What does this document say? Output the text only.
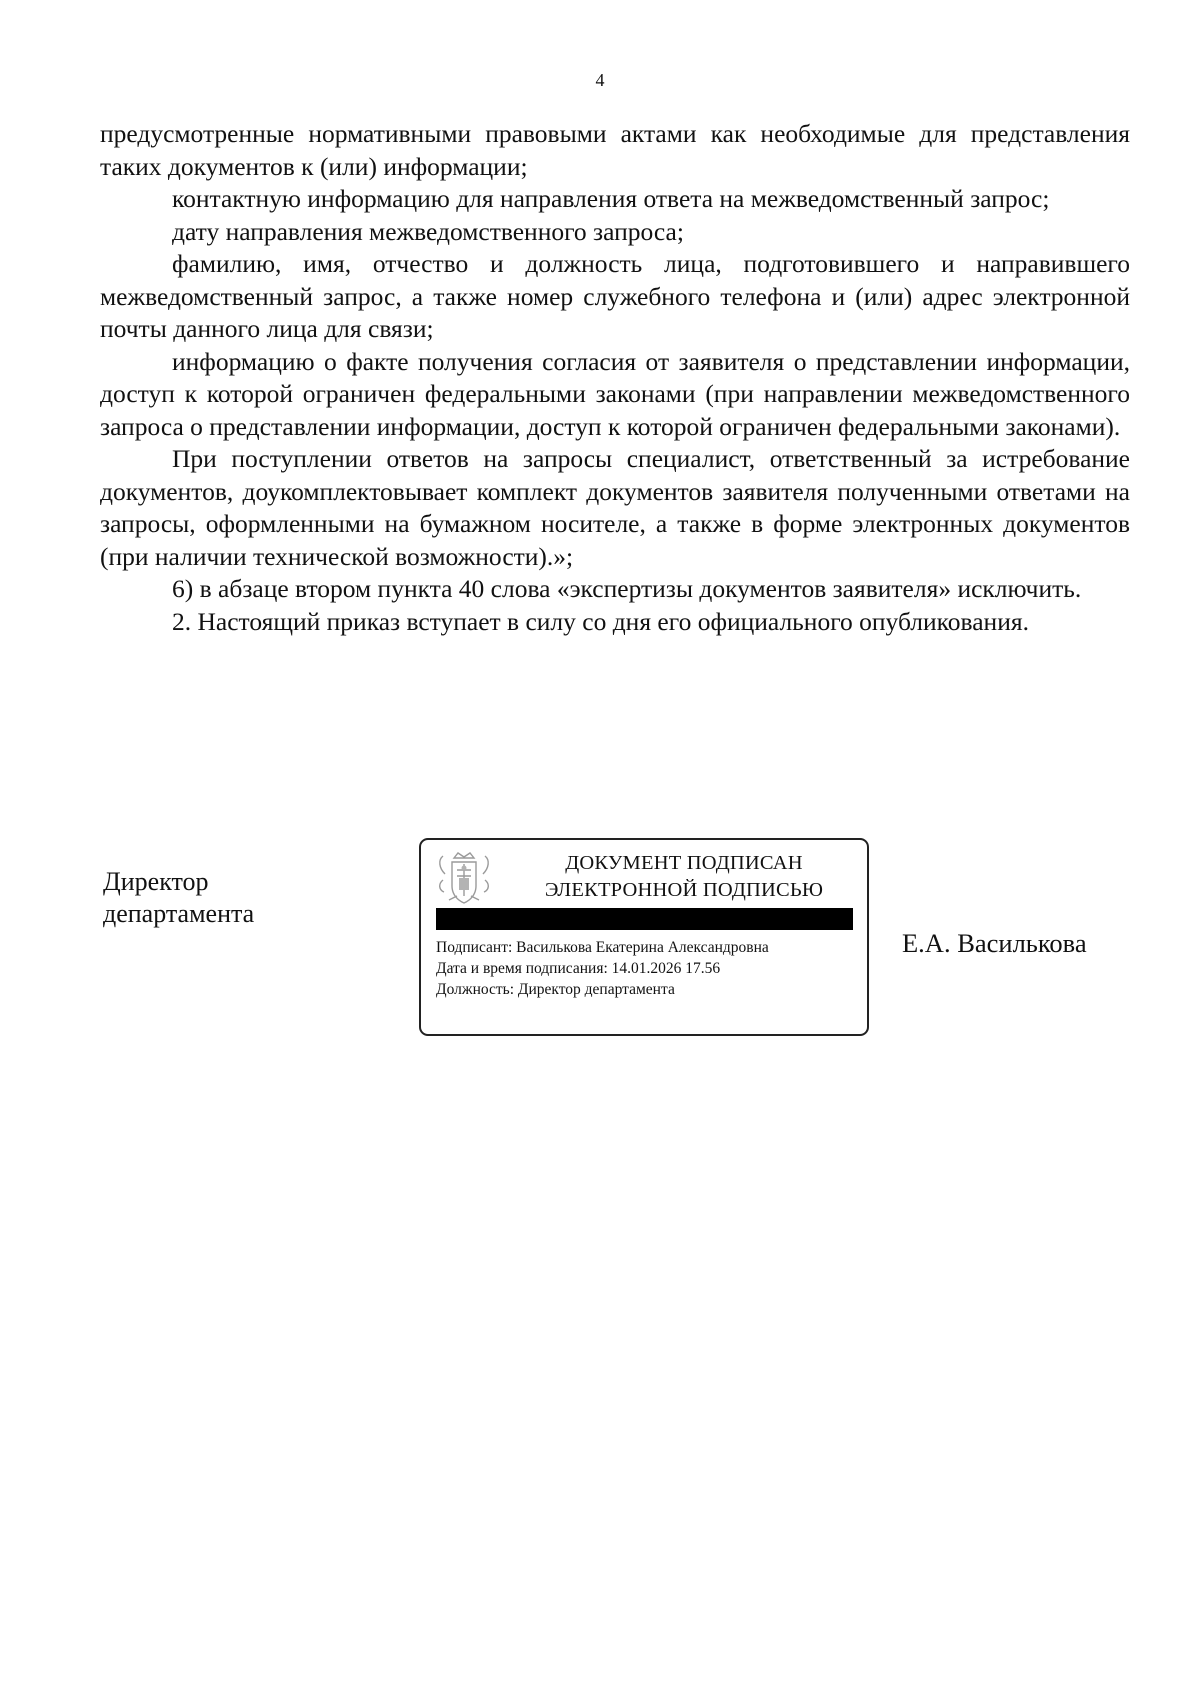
4

предусмотренные нормативными правовыми актами как необходимые для представления таких документов к (или) информации;

контактную информацию для направления ответа на межведомственный запрос;

дату направления межведомственного запроса;

фамилию, имя, отчество и должность лица, подготовившего и направившего межведомственный запрос, а также номер служебного телефона и (или) адрес электронной почты данного лица для связи;

информацию о факте получения согласия от заявителя о представлении информации, доступ к которой ограничен федеральными законами (при направлении межведомственного запроса о представлении информации, доступ к которой ограничен федеральными законами).

При поступлении ответов на запросы специалист, ответственный за истребование документов, доукомплектовывает комплект документов заявителя полученными ответами на запросы, оформленными на бумажном носителе, а также в форме электронных документов (при наличии технической возможности).»;

6) в абзаце втором пункта 40 слова «экспертизы документов заявителя» исключить.

2. Настоящий приказ вступает в силу со дня его официального опубликования.

Директор
департамента
ДОКУМЕНТ ПОДПИСАН
ЭЛЕКТРОННОЙ ПОДПИСЬЮ
Подписант: Василькова Екатерина Александровна
Дата и время подписания: 14.01.2026 17.56
Должность: Директор департамента
Е.А. Василькова
